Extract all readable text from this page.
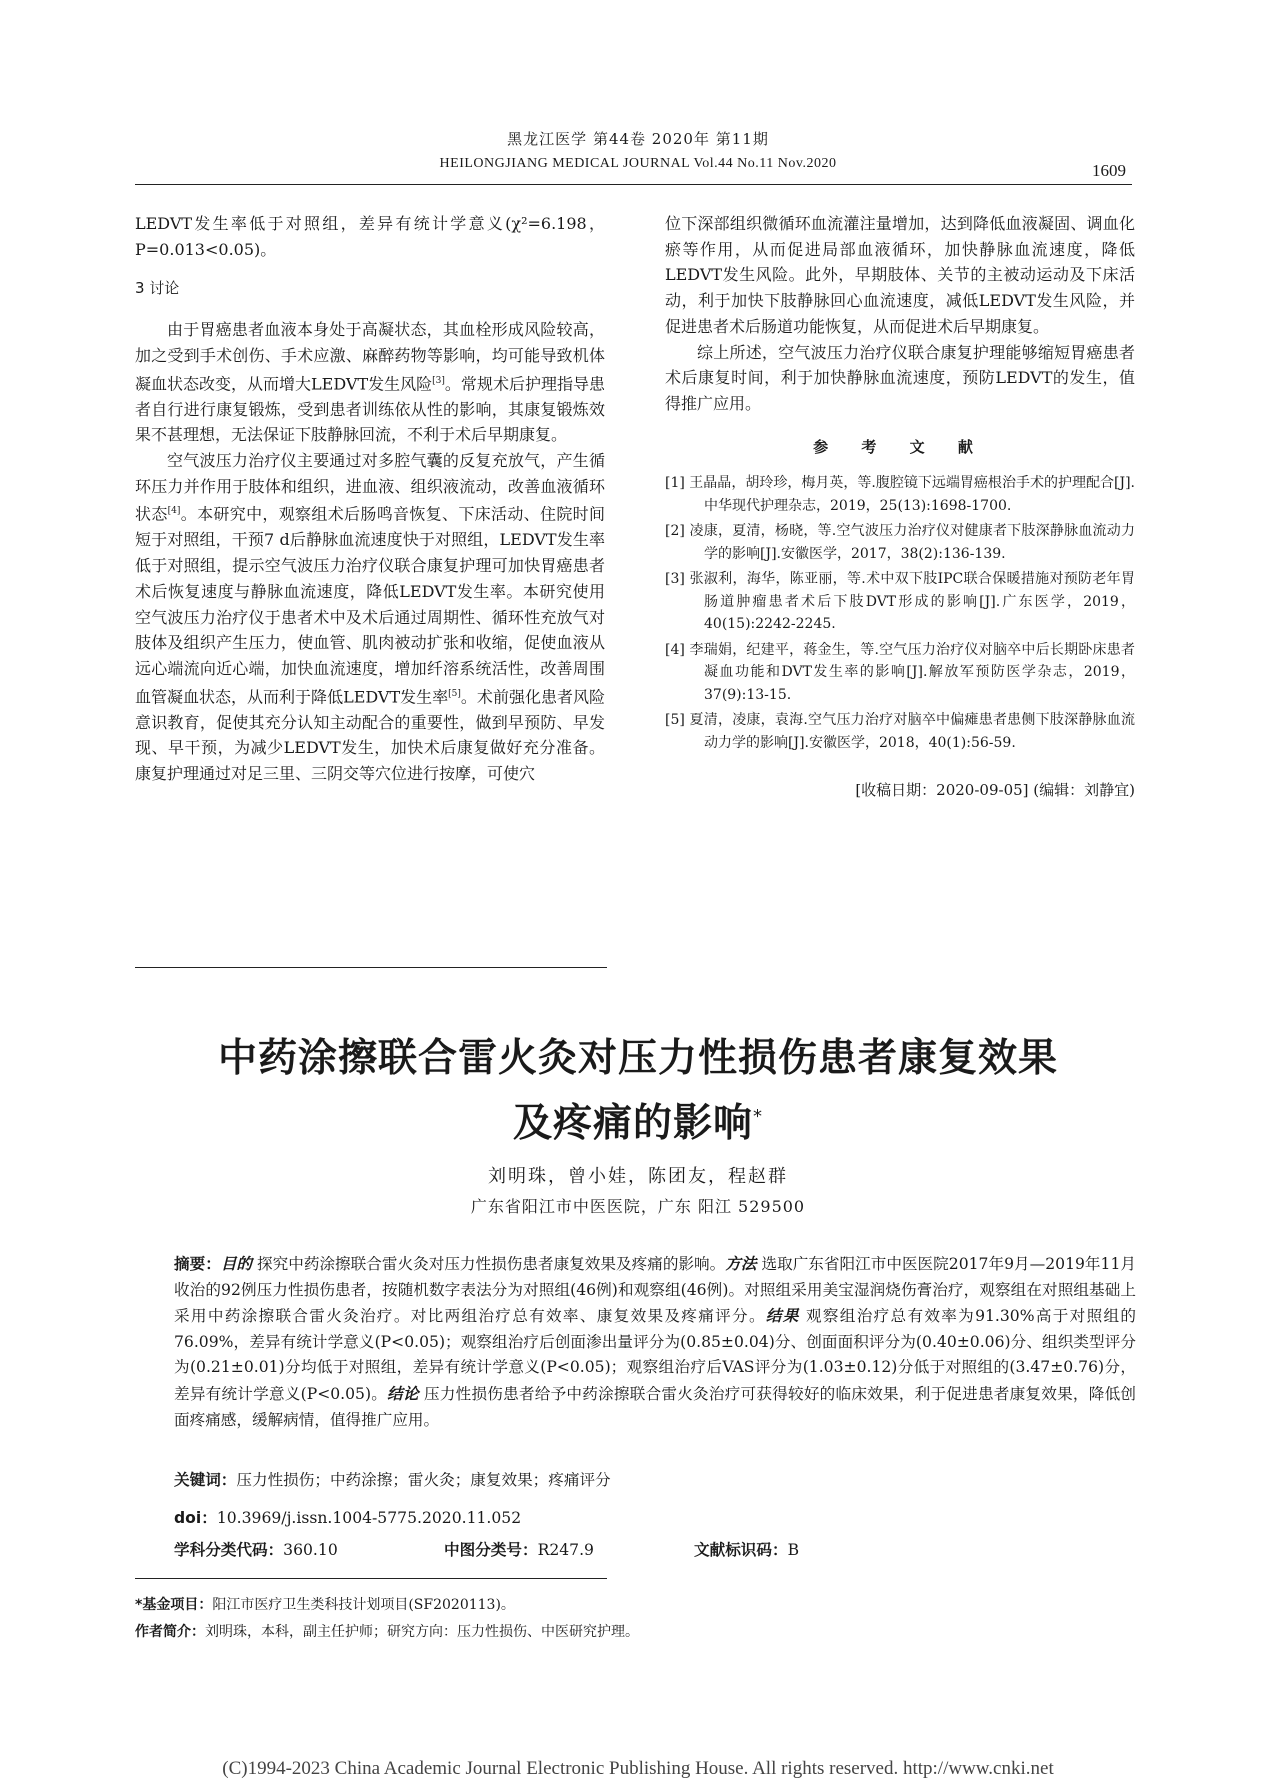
黑龙江医学 第44卷 2020年 第11期
HEILONGJIANG MEDICAL JOURNAL Vol.44 No.11 Nov.2020	1609

LEDVT发生率低于对照组，差异有统计学意义(χ²=6.198，P=0.013<0.05)。

3 讨论

由于胃癌患者血液本身处于高凝状态，其血栓形成风险较高，加之受到手术创伤、手术应激、麻醉药物等影响，均可能导致机体凝血状态改变，从而增大LEDVT发生风险[3]。常规术后护理指导患者自行进行康复锻炼，受到患者训练依从性的影响，其康复锻炼效果不甚理想，无法保证下肢静脉回流，不利于术后早期康复。

空气波压力治疗仪主要通过对多腔气囊的反复充放气，产生循环压力并作用于肢体和组织，进血液、组织液流动，改善血液循环状态[4]。本研究中，观察组术后肠鸣音恢复、下床活动、住院时间短于对照组，干预7 d后静脉血流速度快于对照组，LEDVT发生率低于对照组，提示空气波压力治疗仪联合康复护理可加快胃癌患者术后恢复速度与静脉血流速度，降低LEDVT发生率。本研究使用空气波压力治疗仪于患者术中及术后通过周期性、循环性充放气对肢体及组织产生压力，使血管、肌肉被动扩张和收缩，促使血液从远心端流向近心端，加快血流速度，增加纤溶系统活性，改善周围血管凝血状态，从而利于降低LEDVT发生率[5]。术前强化患者风险意识教育，促使其充分认知主动配合的重要性，做到早预防、早发现、早干预，为减少LEDVT发生，加快术后康复做好充分准备。康复护理通过对足三里、三阴交等穴位进行按摩，可使穴

位下深部组织微循环血流灌注量增加，达到降低血液凝固、调血化瘀等作用，从而促进局部血液循环，加快静脉血流速度，降低LEDVT发生风险。此外，早期肢体、关节的主被动运动及下床活动，利于加快下肢静脉回心血流速度，减低LEDVT发生风险，并促进患者术后肠道功能恢复，从而促进术后早期康复。

综上所述，空气波压力治疗仪联合康复护理能够缩短胃癌患者术后康复时间，利于加快静脉血流速度，预防LEDVT的发生，值得推广应用。

参 考 文 献

[1] 王晶晶，胡玲珍，梅月英，等.腹腔镜下远端胃癌根治手术的护理配合[J].中华现代护理杂志，2019，25(13):1698-1700.

[2] 凌康，夏清，杨晓，等.空气波压力治疗仪对健康者下肢深静脉血流动力学的影响[J].安徽医学，2017，38(2):136-139.

[3] 张淑利，海华，陈亚丽，等.术中双下肢IPC联合保暖措施对预防老年胃肠道肿瘤患者术后下肢DVT形成的影响[J].广东医学，2019，40(15):2242-2245.

[4] 李瑞娟，纪建平，蒋金生，等.空气压力治疗仪对脑卒中后长期卧床患者凝血功能和DVT发生率的影响[J].解放军预防医学杂志，2019，37(9):13-15.

[5] 夏清，凌康，袁海.空气压力治疗对脑卒中偏瘫患者患侧下肢深静脉血流动力学的影响[J].安徽医学，2018，40(1):56-59.

[收稿日期：2020-09-05] (编辑：刘静宜)

中药涂擦联合雷火灸对压力性损伤患者康复效果
及疼痛的影响*
刘明珠，曾小娃，陈团友，程赵群
广东省阳江市中医医院，广东 阳江 529500

摘要：目的 探究中药涂擦联合雷火灸对压力性损伤患者康复效果及疼痛的影响。方法 选取广东省阳江市中医医院2017年9月—2019年11月收治的92例压力性损伤患者，按随机数字表法分为对照组(46例)和观察组(46例)。对照组采用美宝湿润烧伤膏治疗，观察组在对照组基础上采用中药涂擦联合雷火灸治疗。对比两组治疗总有效率、康复效果及疼痛评分。结果 观察组治疗总有效率为91.30%高于对照组的76.09%，差异有统计学意义(P<0.05)；观察组治疗后创面渗出量评分为(0.85±0.04)分、创面面积评分为(0.40±0.06)分、组织类型评分为(0.21±0.01)分均低于对照组，差异有统计学意义(P<0.05)；观察组治疗后VAS评分为(1.03±0.12)分低于对照组的(3.47±0.76)分，差异有统计学意义(P<0.05)。结论 压力性损伤患者给予中药涂擦联合雷火灸治疗可获得较好的临床效果，利于促进患者康复效果，降低创面疼痛感，缓解病情，值得推广应用。

关键词：压力性损伤；中药涂擦；雷火灸；康复效果；疼痛评分
doi：10.3969/j.issn.1004-5775.2020.11.052
学科分类代码：360.10	中图分类号：R247.9	文献标识码：B
*基金项目：阳江市医疗卫生类科技计划项目(SF2020113)。
作者简介：刘明珠，本科，副主任护师；研究方向：压力性损伤、中医研究护理。
(C)1994-2023 China Academic Journal Electronic Publishing House. All rights reserved. http://www.cnki.net
